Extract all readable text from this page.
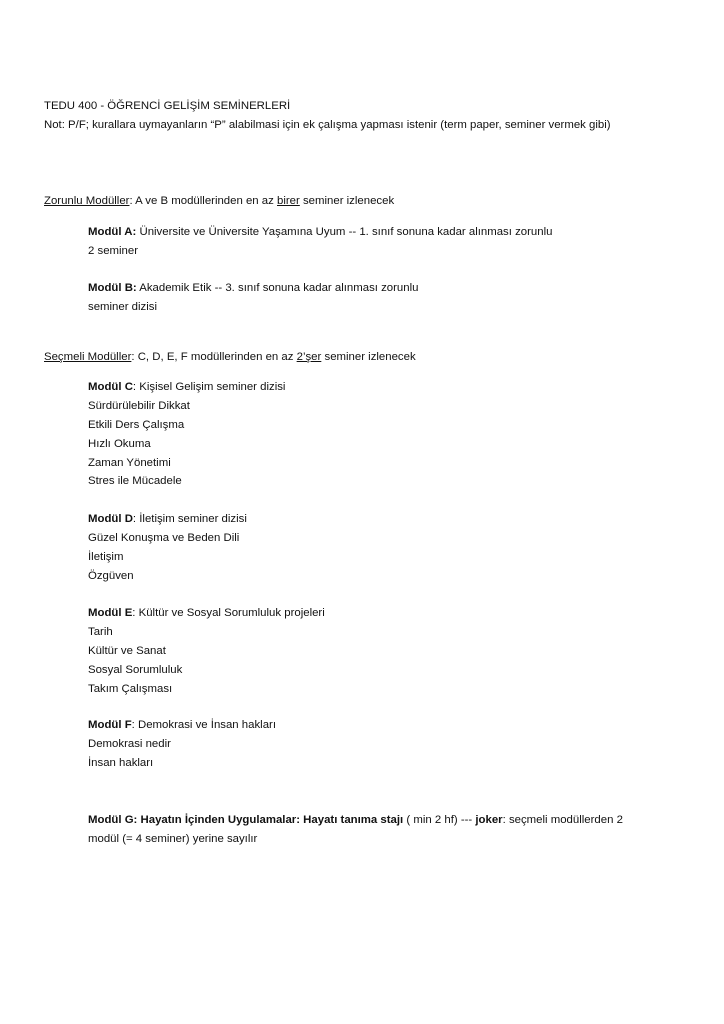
TEDU 400 - ÖĞRENCİ GELİŞİM SEMİNERLERİ
Not: P/F; kurallara uymayanların “P” alabilmasi için ek çalışma yapması istenir (term paper, seminer vermek gibi)
Zorunlu Modüller: A ve B modüllerinden en az birer seminer izlenecek
Modül A: Üniversite ve Üniversite Yaşamına Uyum -- 1. sınıf sonuna kadar alınması zorunlu
2 seminer
Modül B: Akademik Etik -- 3. sınıf sonuna kadar alınması zorunlu
seminer dizisi
Seçmeli Modüller: C, D, E, F modüllerinden en az 2’şer seminer izlenecek
Modül C: Kişisel Gelişim seminer dizisi
Sürdürülebilir Dikkat
Etkili Ders Çalışma
Hızlı Okuma
Zaman Yönetimi
Stres ile Mücadele
Modül D: İletişim seminer dizisi
Güzel Konuşma ve Beden Dili
İletişim
Özgüven
Modül E: Kültür ve Sosyal Sorumluluk projeleri
Tarih
Kültür ve Sanat
Sosyal Sorumluluk
Takım Çalışması
Modül F: Demokrasi ve İnsan hakları
Demokrasi nedir
İnsan hakları
Modül G: Hayatın İçinden Uygulamalar: Hayatı tanıma stajı ( min 2 hf) --- joker: seçmeli modüllerden 2
modül (= 4 seminer) yerine sayılır
